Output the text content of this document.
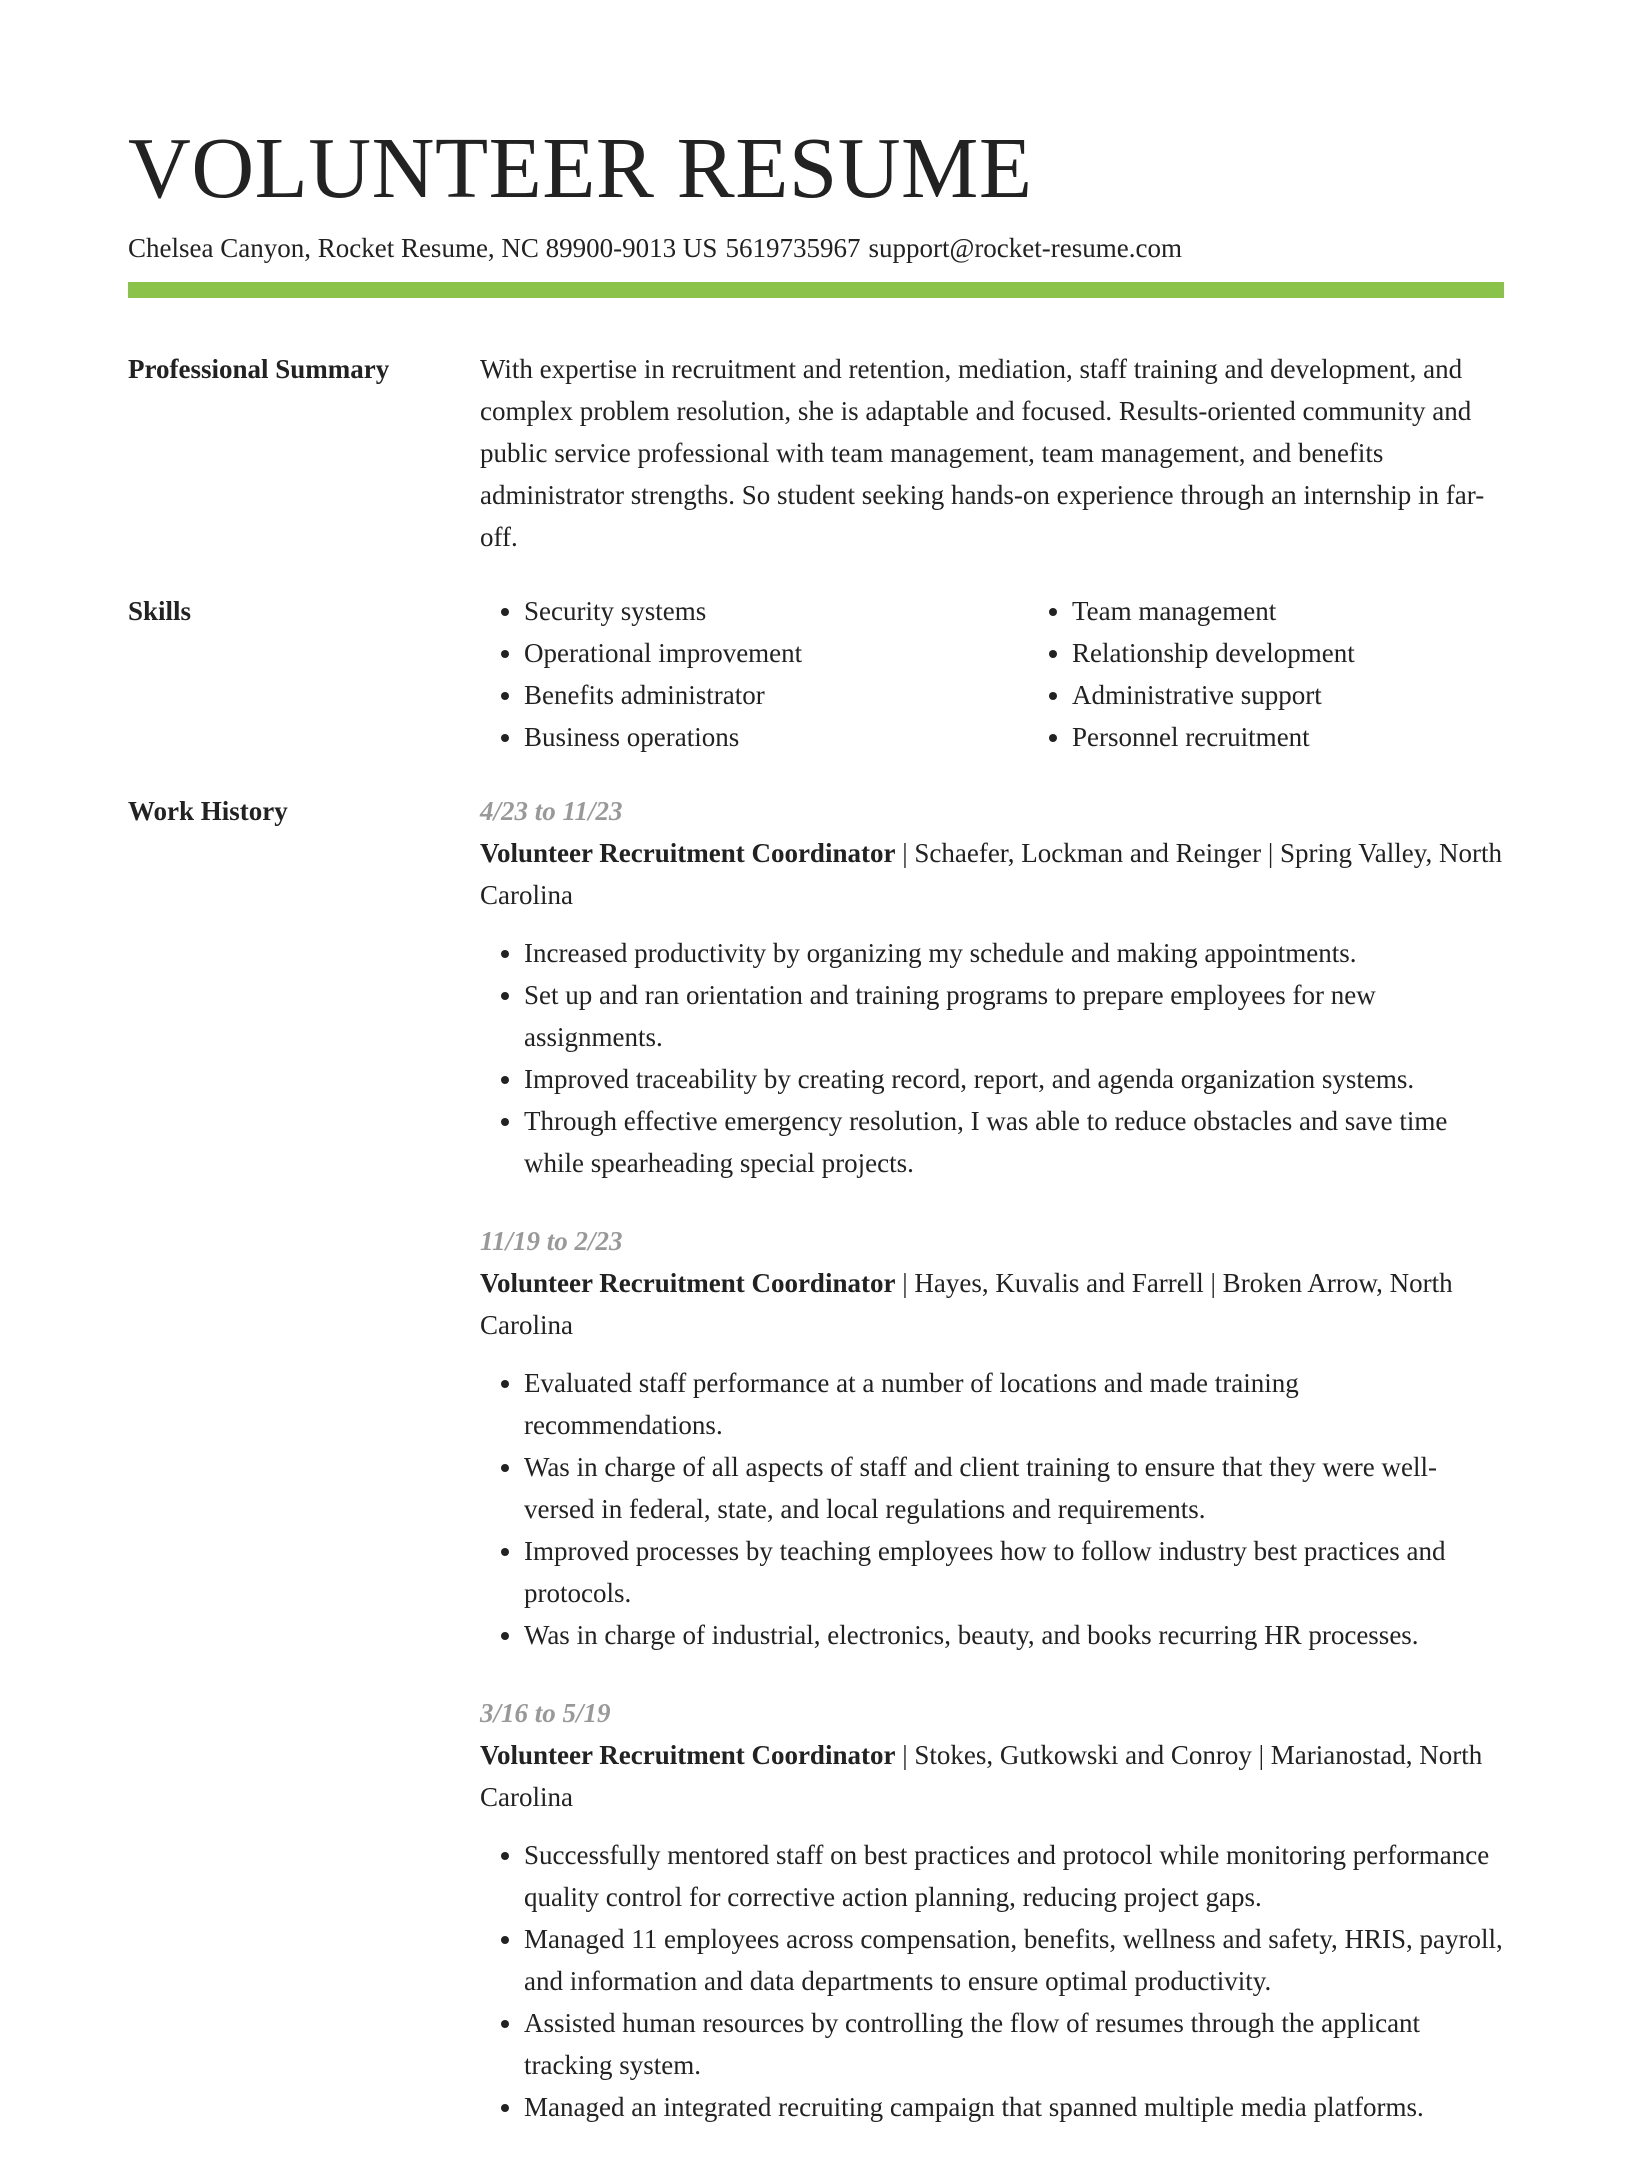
VOLUNTEER RESUME
Chelsea Canyon, Rocket Resume, NC 89900-9013 US 5619735967 support@rocket-resume.com
Professional Summary	With expertise in recruitment and retention, mediation, staff training and development, and complex problem resolution, she is adaptable and focused. Results-oriented community and public service professional with team management, team management, and benefits administrator strengths. So student seeking hands-on experience through an internship in far-off.
Skills
•	Security systems
• Operational improvement
• Benefits administrator
• Business operations
• Team management
• Relationship development
• Administrative support
• Personnel recruitment
Work History	4/23 to 11/23
Volunteer Recruitment Coordinator | Schaefer, Lockman and Reinger | Spring Valley, North Carolina
• Increased productivity by organizing my schedule and making appointments.
• Set up and ran orientation and training programs to prepare employees for new assignments.
• Improved traceability by creating record, report, and agenda organization systems.
• Through effective emergency resolution, I was able to reduce obstacles and save time while spearheading special projects.
11/19 to 2/23
Volunteer Recruitment Coordinator | Hayes, Kuvalis and Farrell | Broken Arrow, North Carolina
• Evaluated staff performance at a number of locations and made training recommendations.
• Was in charge of all aspects of staff and client training to ensure that they were well-versed in federal, state, and local regulations and requirements.
• Improved processes by teaching employees how to follow industry best practices and protocols.
• Was in charge of industrial, electronics, beauty, and books recurring HR processes.
3/16 to 5/19
Volunteer Recruitment Coordinator | Stokes, Gutkowski and Conroy | Marianostad, North Carolina
• Successfully mentored staff on best practices and protocol while monitoring performance quality control for corrective action planning, reducing project gaps.
• Managed 11 employees across compensation, benefits, wellness and safety, HRIS, payroll, and information and data departments to ensure optimal productivity.
• Assisted human resources by controlling the flow of resumes through the applicant tracking system.
• Managed an integrated recruiting campaign that spanned multiple media platforms.
